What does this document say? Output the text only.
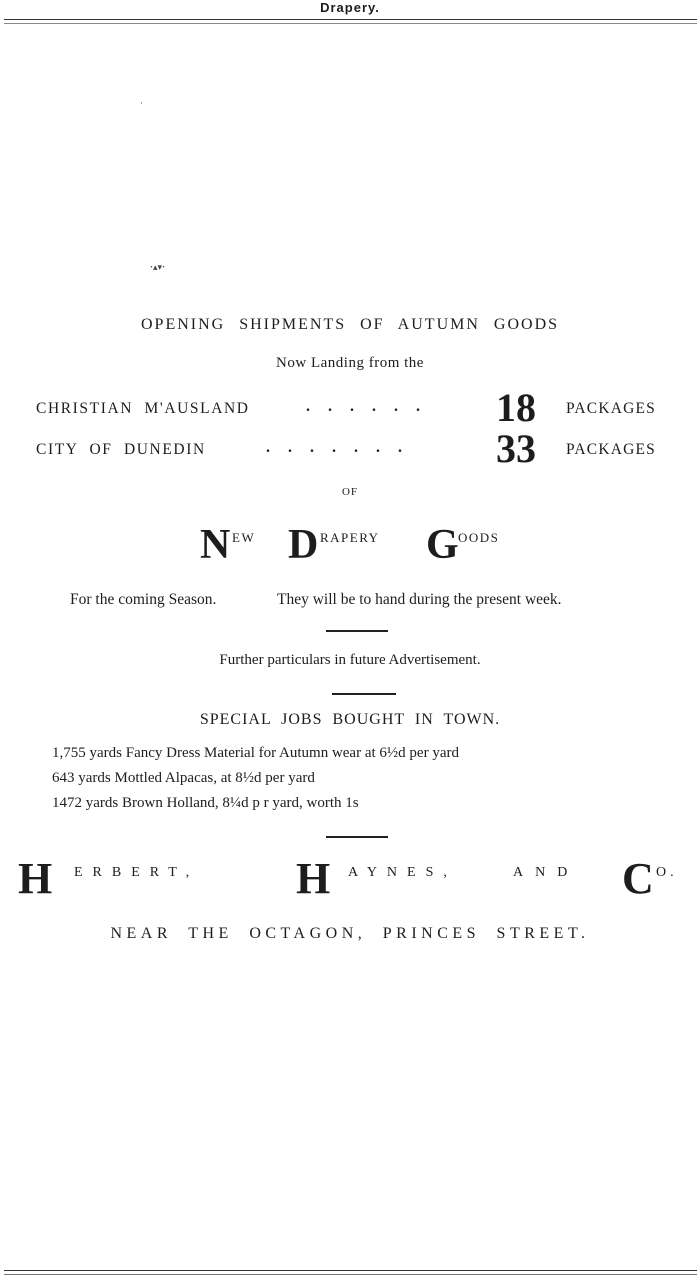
Drapery.
·
·▴▾·
OPENING SHIPMENTS OF AUTUMN GOODS
Now Landing from the
CHRISTIAN M'AUSLAND	. . . . . . 18 PACKAGES
CITY OF DUNEDIN	. . . . . . . 33 PACKAGES
OF
N EW D RAPERY G OODS
For the coming Season.	They will be to hand during the present week.
Further particulars in future Advertisement.
SPECIAL JOBS BOUGHT IN TOWN.
1,755 yards Fancy Dress Material for Autumn wear at 6½d per yard
643 yards Mottled Alpacas, at 8½d per yard
1472 yards Brown Holland, 8¼d p r yard, worth 1s
H ERBERT, H AYNES,	AND C O.
NEAR THE OCTAGON, PRINCES STREET.
